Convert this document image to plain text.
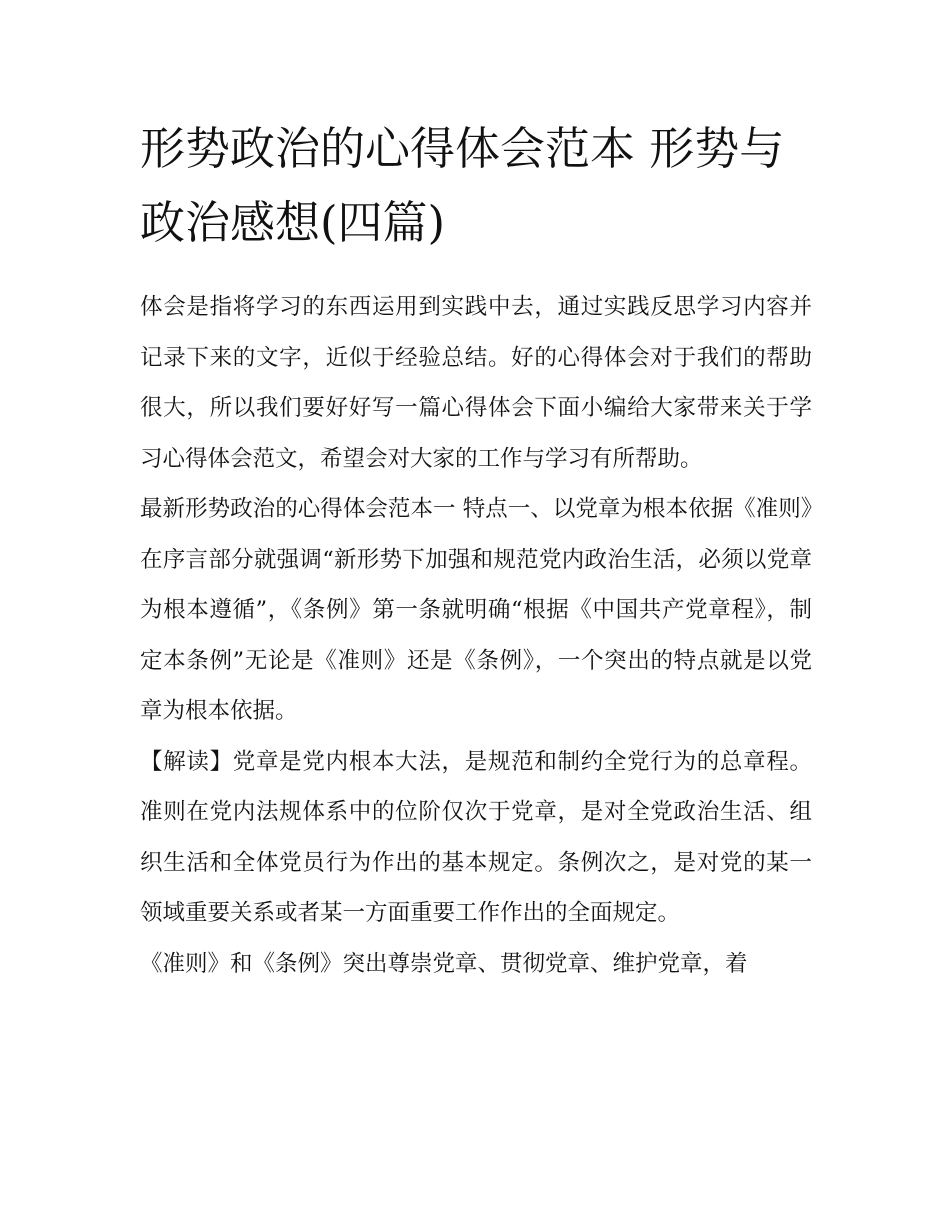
形势政治的心得体会范本 形势与政治感想(四篇)

体会是指将学习的东西运用到实践中去，通过实践反思学习内容并记录下来的文字，近似于经验总结。好的心得体会对于我们的帮助很大，所以我们要好好写一篇心得体会下面小编给大家带来关于学习心得体会范文，希望会对大家的工作与学习有所帮助。

最新形势政治的心得体会范本一 特点一、以党章为根本依据《准则》在序言部分就强调“新形势下加强和规范党内政治生活，必须以党章为根本遵循”，《条例》第一条就明确“根据《中国共产党章程》，制定本条例”无论是《准则》还是《条例》，一个突出的特点就是以党章为根本依据。

【解读】党章是党内根本大法，是规范和制约全党行为的总章程。准则在党内法规体系中的位阶仅次于党章，是对全党政治生活、组织生活和全体党员行为作出的基本规定。条例次之，是对党的某一领域重要关系或者某一方面重要工作作出的全面规定。

《准则》和《条例》突出尊崇党章、贯彻党章、维护党章，着
